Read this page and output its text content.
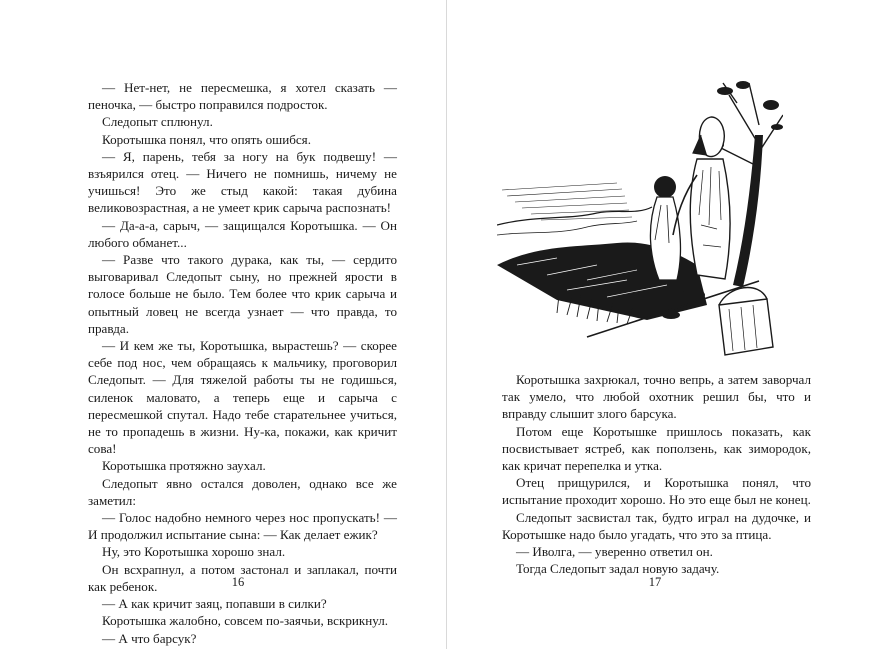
— Нет-нет, не пересмешка, я хотел сказать — пеночка, — быстро поправился подросток.

Следопыт сплюнул.

Коротышка понял, что опять ошибся.

— Я, парень, тебя за ногу на бук подвешу! — взъярился отец. — Ничего не помнишь, ничему не учишься! Это же стыд какой: такая дубина великовозрастная, а не умеет крик сарыча распознать!

— Да-а-а, сарыч, — защищался Коротышка. — Он любого обманет...

— Разве что такого дурака, как ты, — сердито выговаривал Следопыт сыну, но прежней ярости в голосе больше не было. Тем более что крик сарыча и опытный ловец не всегда узнает — что правда, то правда.

— И кем же ты, Коротышка, вырастешь? — скорее себе под нос, чем обращаясь к мальчику, проговорил Следопыт. — Для тяжелой работы ты не годишься, силенок маловато, а теперь еще и сарыча с пересмешкой спутал. Надо тебе старательнее учиться, не то пропадешь в жизни. Ну-ка, покажи, как кричит сова!

Коротышка протяжно заухал.

Следопыт явно остался доволен, однако все же заметил:

— Голос надобно немного через нос пропускать! — И продолжил испытание сына: — Как делает ежик?

Ну, это Коротышка хорошо знал.

Он всхрапнул, а потом застонал и заплакал, почти как ребенок.

— А как кричит заяц, попавши в силки?

Коротышка жалобно, совсем по-заячьи, вскрикнул.

— А что барсук?

16

Коротышка захрюкал, точно вепрь, а затем заворчал так умело, что любой охотник решил бы, что и вправду слышит злого барсука.

Потом еще Коротышке пришлось показать, как посвистывает ястреб, как поползень, как зимородок, как кричат перепелка и утка.

Отец прищурился, и Коротышка понял, что испытание проходит хорошо. Но это еще был не конец.

Следопыт засвистал так, будто играл на дудочке, и Коротышке надо было угадать, что это за птица.

— Иволга, — уверенно ответил он.

Тогда Следопыт задал новую задачу.

17
